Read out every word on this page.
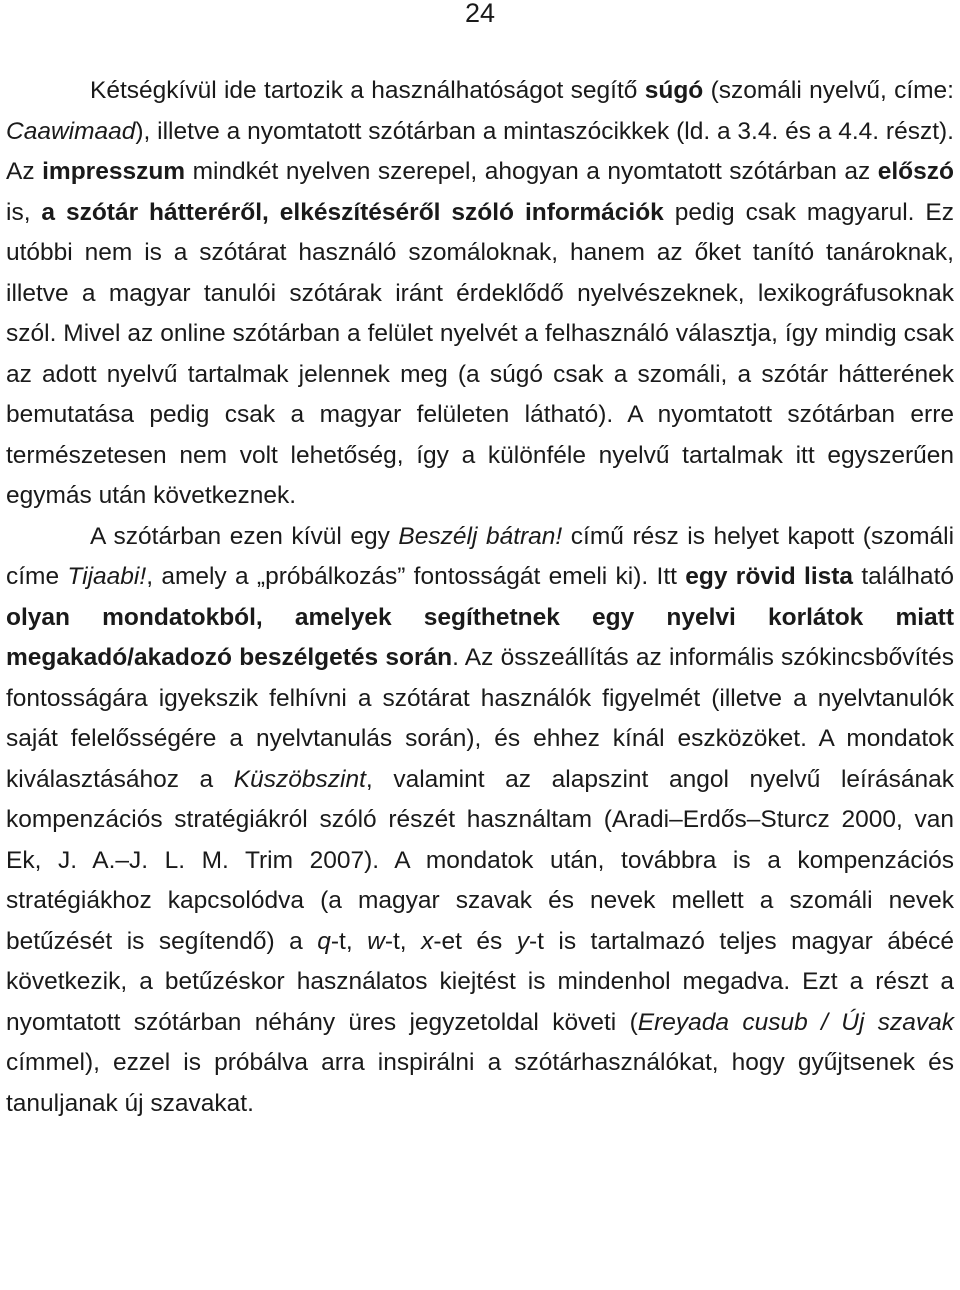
24

Kétségkívül ide tartozik a használhatóságot segítő súgó (szomáli nyelvű, címe: Caawimaad), illetve a nyomtatott szótárban a mintaszócikkek (ld. a 3.4. és a 4.4. részt). Az impresszum mindkét nyelven szerepel, ahogyan a nyomtatott szótárban az előszó is, a szótár hátteréről, elkészítéséről szóló információk pedig csak magyarul. Ez utóbbi nem is a szótárat használó szomáloknak, hanem az őket tanító tanároknak, illetve a magyar tanulói szótárak iránt érdeklődő nyelvészeknek, lexikográfusoknak szól. Mivel az online szótárban a felület nyelvét a felhasználó választja, így mindig csak az adott nyelvű tartalmak jelennek meg (a súgó csak a szomáli, a szótár hátterének bemutatása pedig csak a magyar felületen látható). A nyomtatott szótárban erre természetesen nem volt lehetőség, így a különféle nyelvű tartalmak itt egyszerűen egymás után következnek.

A szótárban ezen kívül egy Beszélj bátran! című rész is helyet kapott (szomáli címe Tijaabi!, amely a „próbálkozás” fontosságát emeli ki). Itt egy rövid lista található olyan mondatokból, amelyek segíthetnek egy nyelvi korlátok miatt megakadó/akadozó beszélgetés során. Az összeállítás az informális szókincsbővítés fontosságára igyekszik felhívni a szótárat használók figyelmét (illetve a nyelvtanulók saját felelősségére a nyelvtanulás során), és ehhez kínál eszközöket. A mondatok kiválasztásához a Küszöbszint, valamint az alapszint angol nyelvű leírásának kompenzációs stratégiákról szóló részét használtam (Aradi–Erdős–Sturcz 2000, van Ek, J. A.–J. L. M. Trim 2007). A mondatok után, továbbra is a kompenzációs stratégiákhoz kapcsolódva (a magyar szavak és nevek mellett a szomáli nevek betűzését is segítendő) a q-t, w-t, x-et és y-t is tartalmazó teljes magyar ábécé következik, a betűzéskor használatos kiejtést is mindenhol megadva. Ezt a részt a nyomtatott szótárban néhány üres jegyzetoldal követi (Ereyada cusub / Új szavak címmel), ezzel is próbálva arra inspirálni a szótárhasználókat, hogy gyűjtsenek és tanuljanak új szavakat.
